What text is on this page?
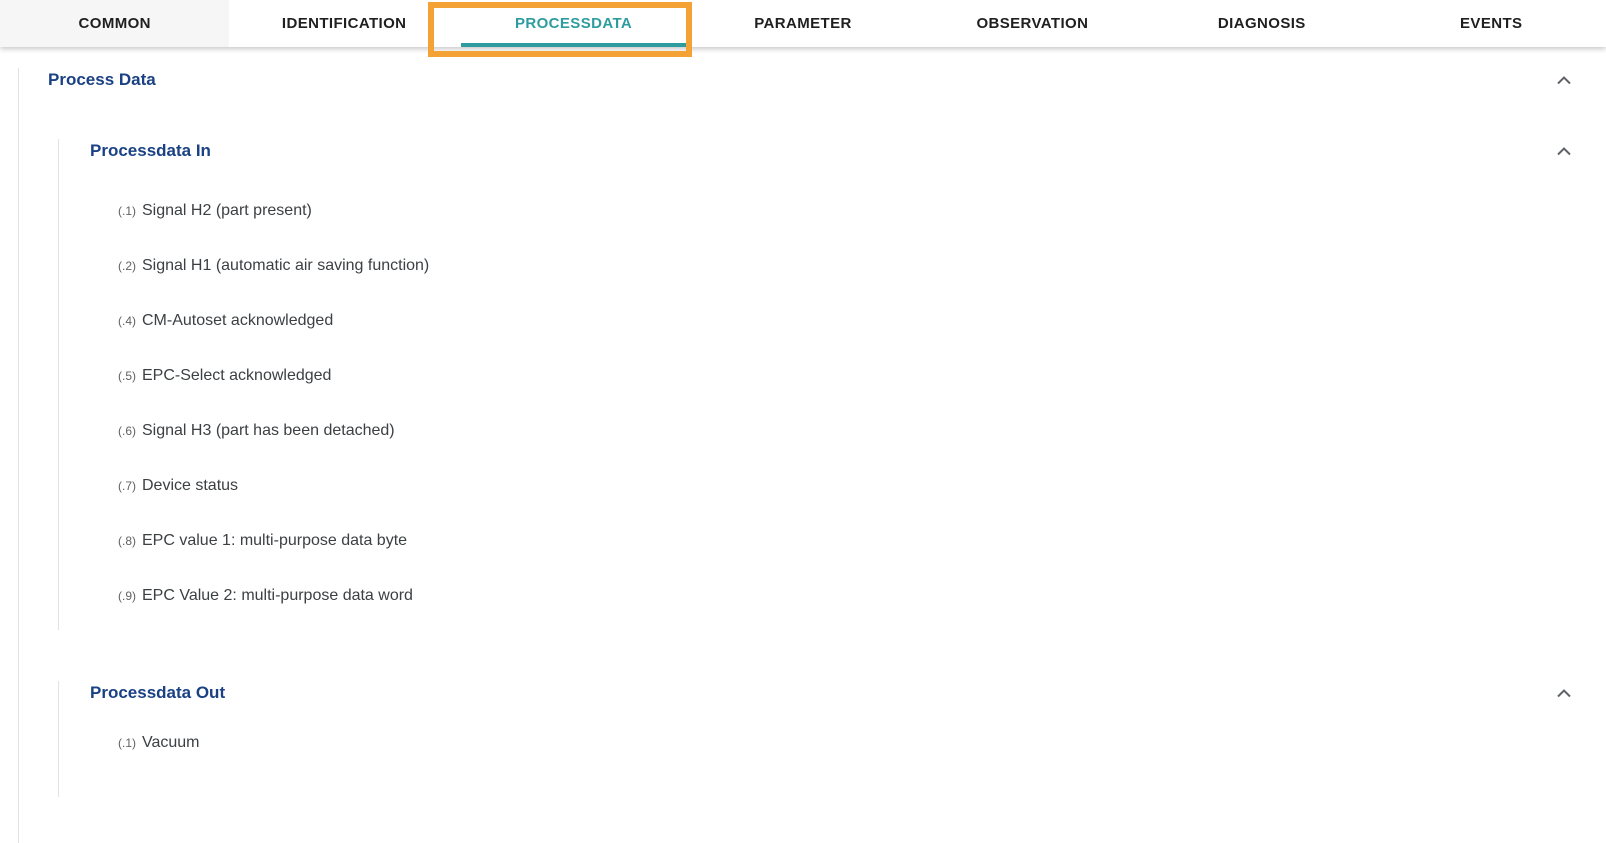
COMMON	IDENTIFICATION	PROCESSDATA	PARAMETER	OBSERVATION	DIAGNOSIS	EVENTS
Process Data
Processdata In
(.1) Signal H2 (part present)
(.2) Signal H1 (automatic air saving function)
(.4) CM-Autoset acknowledged
(.5) EPC-Select acknowledged
(.6) Signal H3 (part has been detached)
(.7) Device status
(.8) EPC value 1: multi-purpose data byte
(.9) EPC Value 2: multi-purpose data word
Processdata Out
(.1) Vacuum
